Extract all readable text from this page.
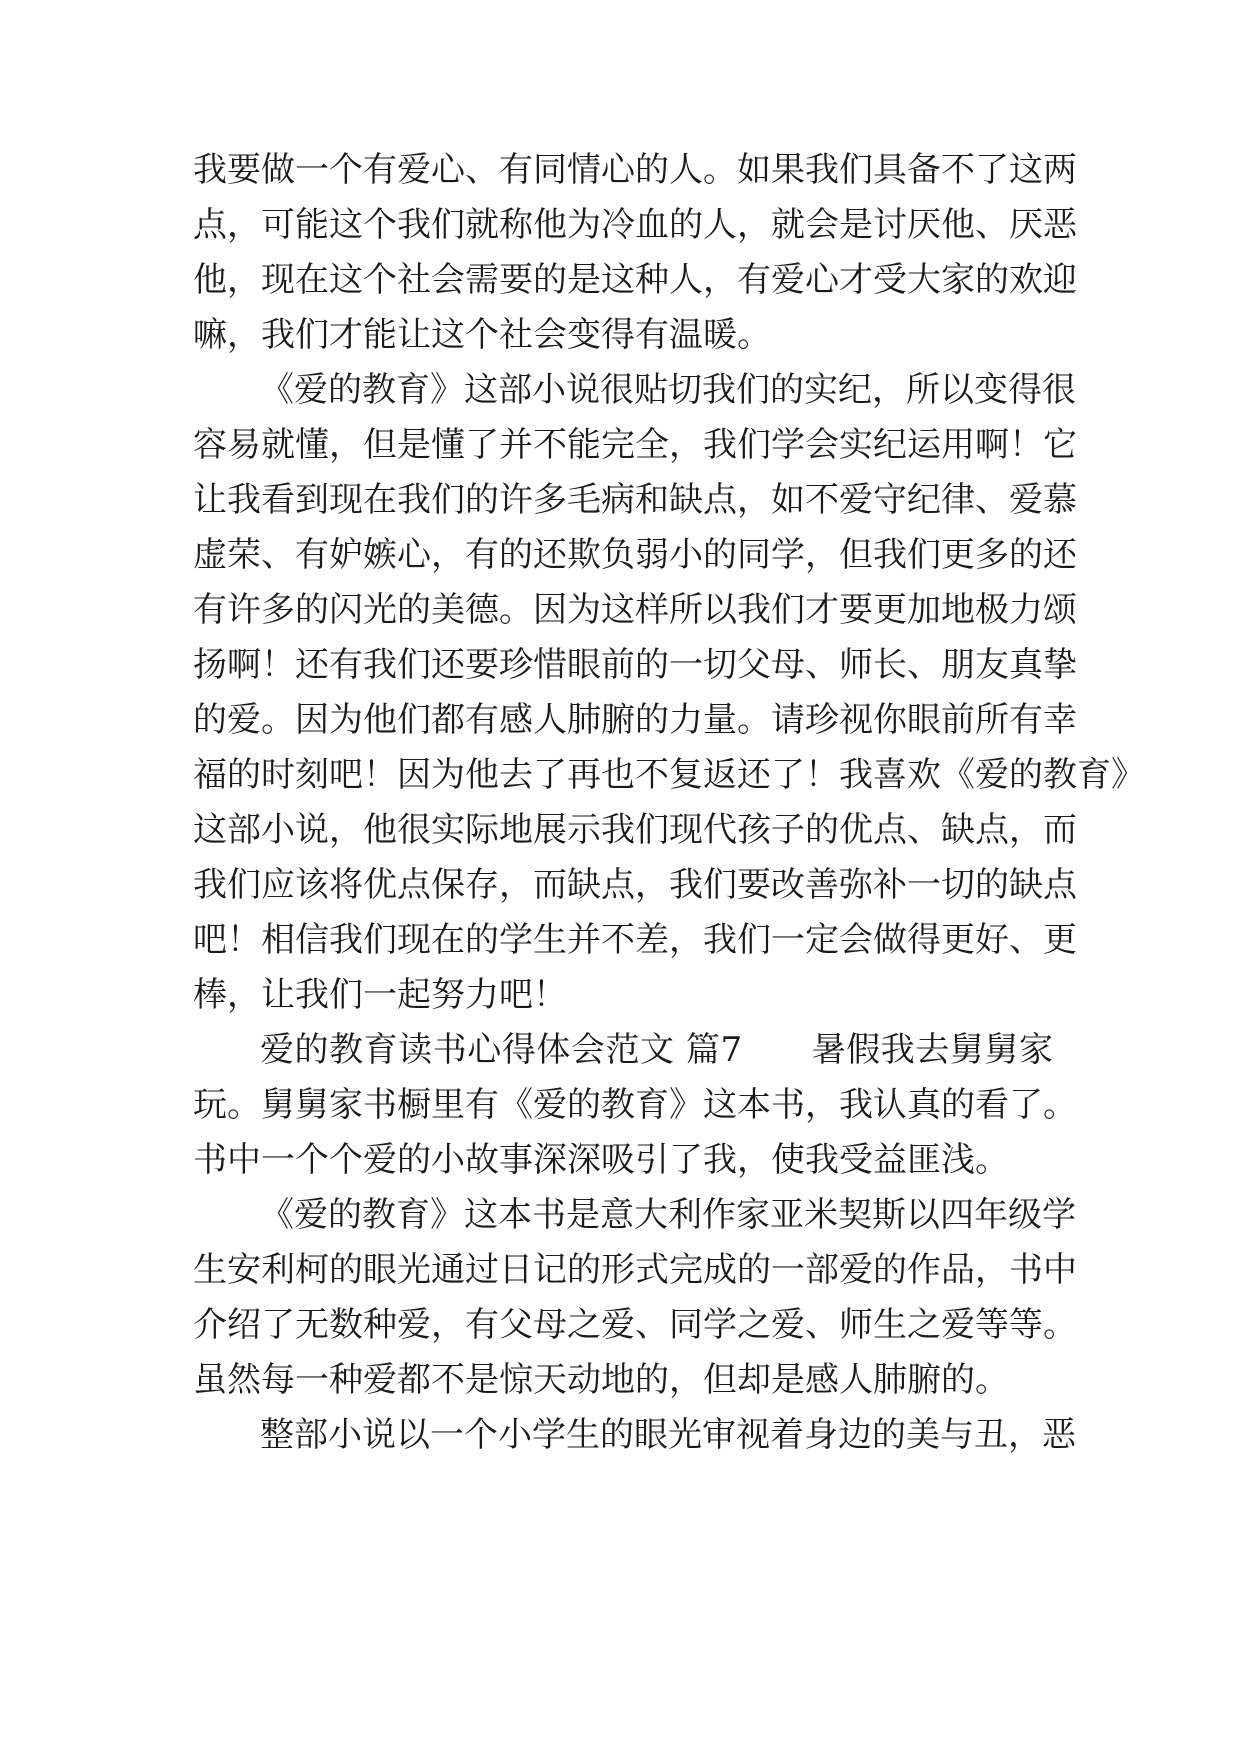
我要做一个有爱心、有同情心的人。如果我们具备不了这两
点，可能这个我们就称他为冷血的人，就会是讨厌他、厌恶
他，现在这个社会需要的是这种人，有爱心才受大家的欢迎
嘛，我们才能让这个社会变得有温暖。
《爱的教育》这部小说很贴切我们的实纪，所以变得很
容易就懂，但是懂了并不能完全，我们学会实纪运用啊！它
让我看到现在我们的许多毛病和缺点，如不爱守纪律、爱慕
虚荣、有妒嫉心，有的还欺负弱小的同学，但我们更多的还
有许多的闪光的美德。因为这样所以我们才要更加地极力颂
扬啊！还有我们还要珍惜眼前的一切父母、师长、朋友真挚
的爱。因为他们都有感人肺腑的力量。请珍视你眼前所有幸
福的时刻吧！因为他去了再也不复返还了！我喜欢《爱的教育》
这部小说，他很实际地展示我们现代孩子的优点、缺点，而
我们应该将优点保存，而缺点，我们要改善弥补一切的缺点
吧！相信我们现在的学生并不差，我们一定会做得更好、更
棒，让我们一起努力吧！
爱的教育读书心得体会范文 篇7　　暑假我去舅舅家
玩。舅舅家书橱里有《爱的教育》这本书，我认真的看了。
书中一个个爱的小故事深深吸引了我，使我受益匪浅。
《爱的教育》这本书是意大利作家亚米契斯以四年级学
生安利柯的眼光通过日记的形式完成的一部爱的作品，书中
介绍了无数种爱，有父母之爱、同学之爱、师生之爱等等。
虽然每一种爱都不是惊天动地的，但却是感人肺腑的。
整部小说以一个小学生的眼光审视着身边的美与丑，恶
